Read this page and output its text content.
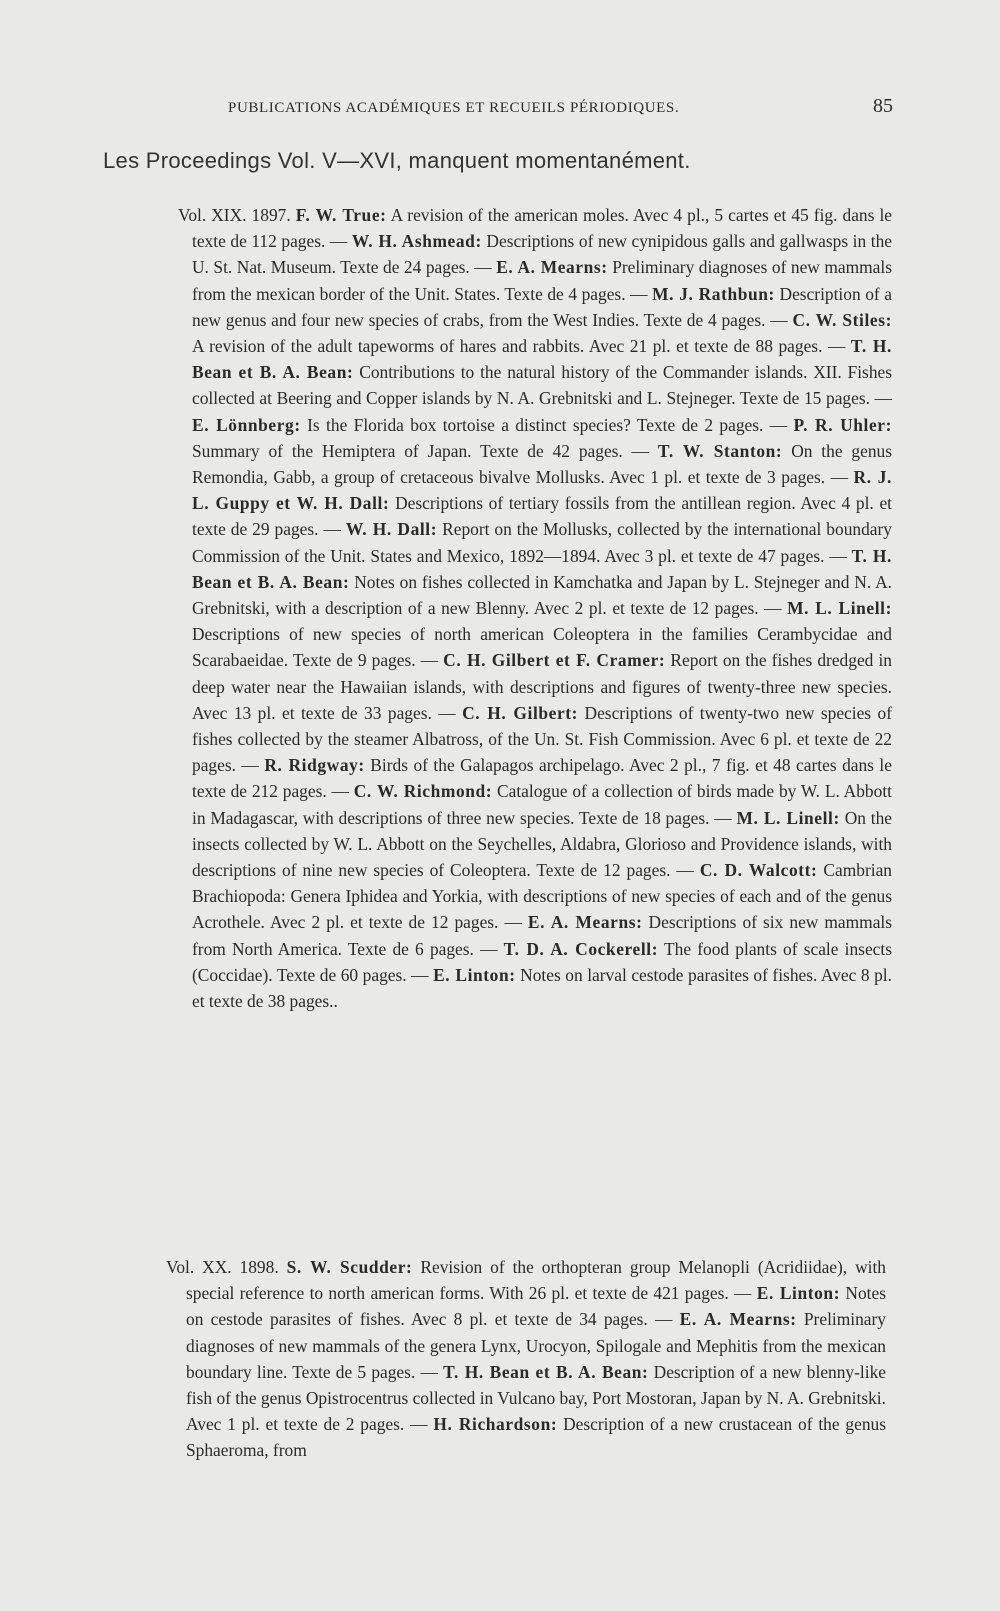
PUBLICATIONS ACADÉMIQUES ET RECUEILS PÉRIODIQUES.	85
Les Proceedings Vol. V—XVI, manquent momentanément.
Vol. XIX. 1897. F. W. True: A revision of the american moles. Avec 4 pl., 5 cartes et 45 fig. dans le texte de 112 pages. — W. H. Ashmead: Descriptions of new cynipidous galls and gallwasps in the U. St. Nat. Museum. Texte de 24 pages. — E. A. Mearns: Preliminary diagnoses of new mammals from the mexican border of the Unit. States. Texte de 4 pages. — M. J. Rathbun: Description of a new genus and four new species of crabs, from the West Indies. Texte de 4 pages. — C. W. Stiles: A revision of the adult tapeworms of hares and rabbits. Avec 21 pl. et texte de 88 pages. — T. H. Bean et B. A. Bean: Contributions to the natural history of the Commander islands. XII. Fishes collected at Beering and Copper islands by N. A. Grebnitski and L. Stejneger. Texte de 15 pages. — E. Lönnberg: Is the Florida box tortoise a distinct species? Texte de 2 pages. — P. R. Uhler: Summary of the Hemiptera of Japan. Texte de 42 pages. — T. W. Stanton: On the genus Remondia, Gabb, a group of cretaceous bivalve Mollusks. Avec 1 pl. et texte de 3 pages. — R. J. L. Guppy et W. H. Dall: Descriptions of tertiary fossils from the antillean region. Avec 4 pl. et texte de 29 pages. — W. H. Dall: Report on the Mollusks, collected by the international boundary Commission of the Unit. States and Mexico, 1892—1894. Avec 3 pl. et texte de 47 pages. — T. H. Bean et B. A. Bean: Notes on fishes collected in Kamchatka and Japan by L. Stejneger and N. A. Grebnitski, with a description of a new Blenny. Avec 2 pl. et texte de 12 pages. — M. L. Linell: Descriptions of new species of north american Coleoptera in the families Cerambycidae and Scarabaeidae. Texte de 9 pages. — C. H. Gilbert et F. Cramer: Report on the fishes dredged in deep water near the Hawaiian islands, with descriptions and figures of twenty-three new species. Avec 13 pl. et texte de 33 pages. — C. H. Gilbert: Descriptions of twenty-two new species of fishes collected by the steamer Albatross, of the Un. St. Fish Commission. Avec 6 pl. et texte de 22 pages. — R. Ridgway: Birds of the Galapagos archipelago. Avec 2 pl., 7 fig. et 48 cartes dans le texte de 212 pages. — C. W. Richmond: Catalogue of a collection of birds made by W. L. Abbott in Madagascar, with descriptions of three new species. Texte de 18 pages. — M. L. Linell: On the insects collected by W. L. Abbott on the Seychelles, Aldabra, Glorioso and Providence islands, with descriptions of nine new species of Coleoptera. Texte de 12 pages. — C. D. Walcott: Cambrian Brachiopoda: Genera Iphidea and Yorkia, with descriptions of new species of each and of the genus Acrothele. Avec 2 pl. et texte de 12 pages. — E. A. Mearns: Descriptions of six new mammals from North America. Texte de 6 pages. — T. D. A. Cockerell: The food plants of scale insects (Coccidae). Texte de 60 pages. — E. Linton: Notes on larval cestode parasites of fishes. Avec 8 pl. et texte de 38 pages..
Vol. XX. 1898. S. W. Scudder: Revision of the orthopteran group Melanopli (Acridiidae), with special reference to north american forms. With 26 pl. et texte de 421 pages. — E. Linton: Notes on cestode parasites of fishes. Avec 8 pl. et texte de 34 pages. — E. A. Mearns: Preliminary diagnoses of new mammals of the genera Lynx, Urocyon, Spilogale and Mephitis from the mexican boundary line. Texte de 5 pages. — T. H. Bean et B. A. Bean: Description of a new blenny-like fish of the genus Opistrocentrus collected in Vulcano bay, Port Mostoran, Japan by N. A. Grebnitski. Avec 1 pl. et texte de 2 pages. — H. Richardson: Description of a new crustacean of the genus Sphaeroma, from
